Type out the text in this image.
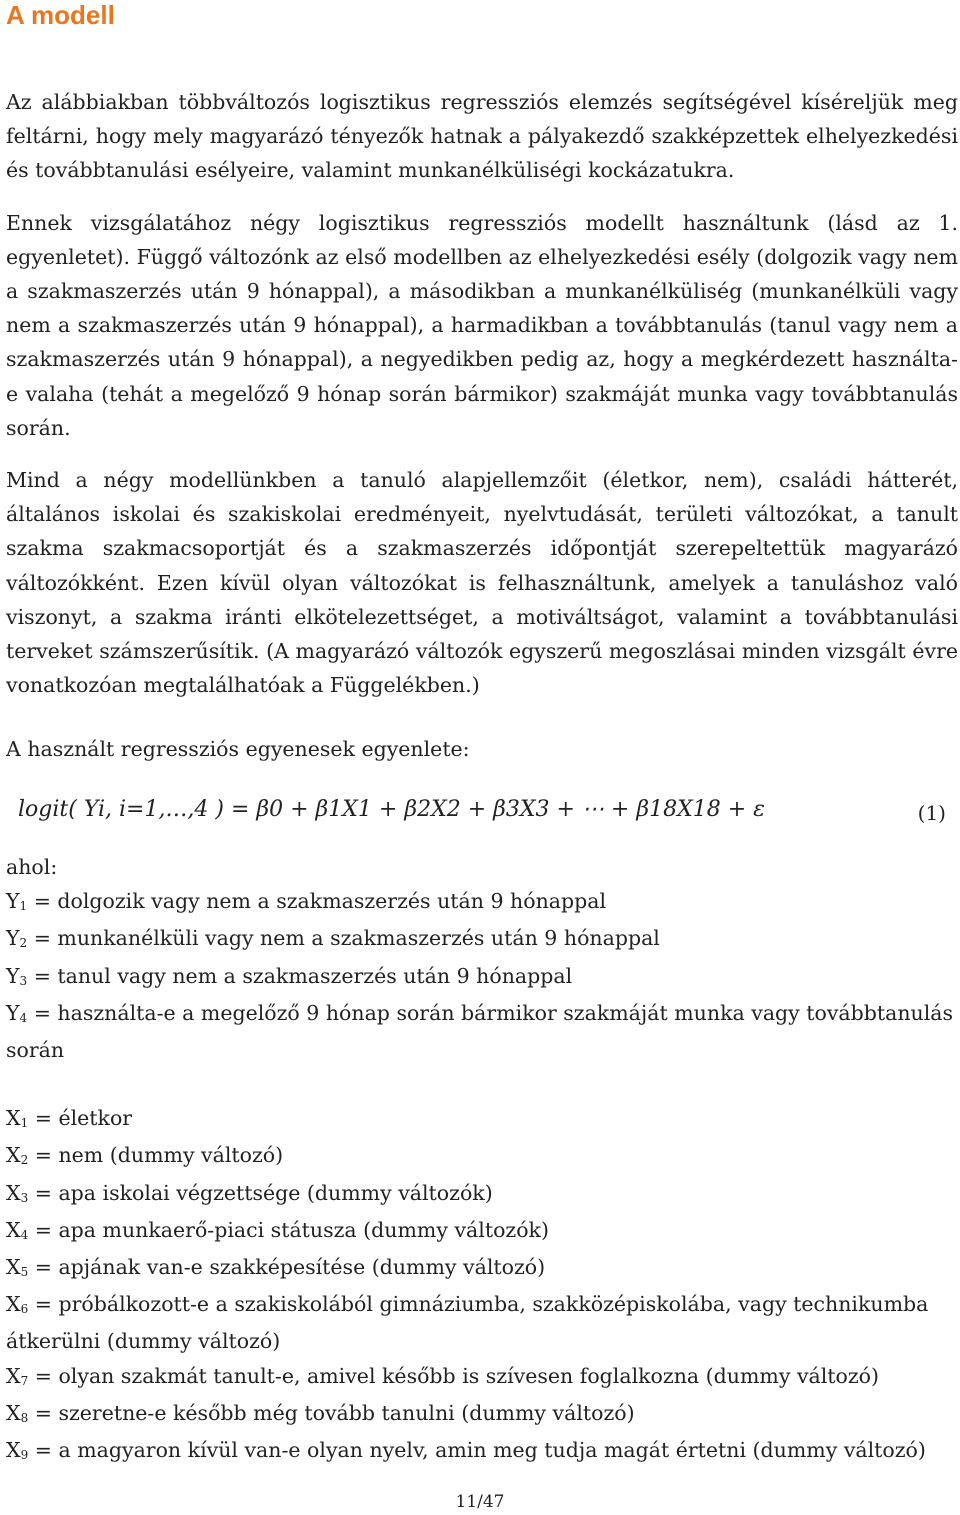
A modell

Az alábbiakban többváltozós logisztikus regressziós elemzés segítségével kíséreljük meg feltárni, hogy mely magyarázó tényezők hatnak a pályakezdő szakképzettek elhelyezkedési és továbbtanulási esélyeire, valamint munkanélküliségi kockázatukra.

Ennek vizsgálatához négy logisztikus regressziós modellt használtunk (lásd az 1. egyenletet). Függő változónk az első modellben az elhelyezkedési esély (dolgozik vagy nem a szakmaszerzés után 9 hónappal), a másodikban a munkanélküliség (munkanélküli vagy nem a szakmaszerzés után 9 hónappal), a harmadikban a továbbtanulás (tanul vagy nem a szakmaszerzés után 9 hónappal), a negyedikben pedig az, hogy a megkérdezett használta-e valaha (tehát a megelőző 9 hónap során bármikor) szakmáját munka vagy továbbtanulás során.

Mind a négy modellünkben a tanuló alapjellemzőit (életkor, nem), családi hátterét, általános iskolai és szakiskolai eredményeit, nyelvtudását, területi változókat, a tanult szakma szakmacsoportját és a szakmaszerzés időpontját szerepeltettük magyarázó változókként. Ezen kívül olyan változókat is felhasználtunk, amelyek a tanuláshoz való viszonyt, a szakma iránti elkötelezettséget, a motiváltságot, valamint a továbbtanulási terveket számszerűsítik. (A magyarázó változók egyszerű megoszlásai minden vizsgált évre vonatkozóan megtalálhatóak a Függelékben.)

A használt regressziós egyenesek egyenlete:

logit( Yi, i=1,…,4 ) = β0 + β1X1 + β2X2 + β3X3 + ⋯ + β18X18 + ε	(1)

ahol:

Y1 = dolgozik vagy nem a szakmaszerzés után 9 hónappal

Y2 = munkanélküli vagy nem a szakmaszerzés után 9 hónappal

Y3 = tanul vagy nem a szakmaszerzés után 9 hónappal

Y4 = használta-e a megelőző 9 hónap során bármikor szakmáját munka vagy továbbtanulás során

X1 = életkor

X2 = nem (dummy változó)

X3 = apa iskolai végzettsége (dummy változók)

X4 = apa munkaerő-piaci státusza (dummy változók)

X5 = apjának van-e szakképesítése (dummy változó)

X6 = próbálkozott-e a szakiskolából gimnáziumba, szakközépiskolába, vagy technikumba átkerülni (dummy változó)

X7 = olyan szakmát tanult-e, amivel később is szívesen foglalkozna (dummy változó)

X8 = szeretne-e később még tovább tanulni (dummy változó)

X9 = a magyaron kívül van-e olyan nyelv, amin meg tudja magát értetni (dummy változó)

11/47
